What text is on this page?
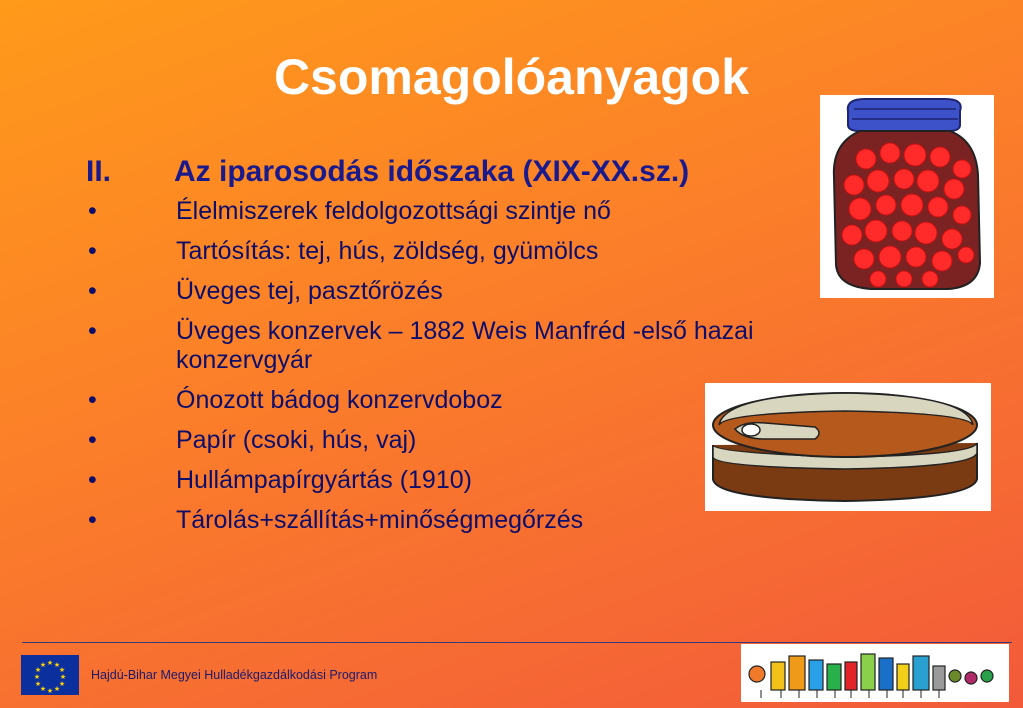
Csomagolóanyagok
II.	Az iparosodás időszaka (XIX-XX.sz.)
•	Élelmiszerek feldolgozottsági szintje nő
•	Tartósítás: tej, hús, zöldség, gyümölcs
•	Üveges tej, pasztőrözés
•	Üveges konzervek – 1882 Weis Manfréd -első hazai konzervgyár
•	Ónozott bádog konzervdoboz
•	Papír (csoki, hús, vaj)
•	Hullámpapírgyártás (1910)
•	Tárolás+szállítás+minőségmegőrzés
★ ★
★
★
★
★
★
★
★
★
★
★
Hajdú-Bihar Megyei Hulladékgazdálkodási Program
